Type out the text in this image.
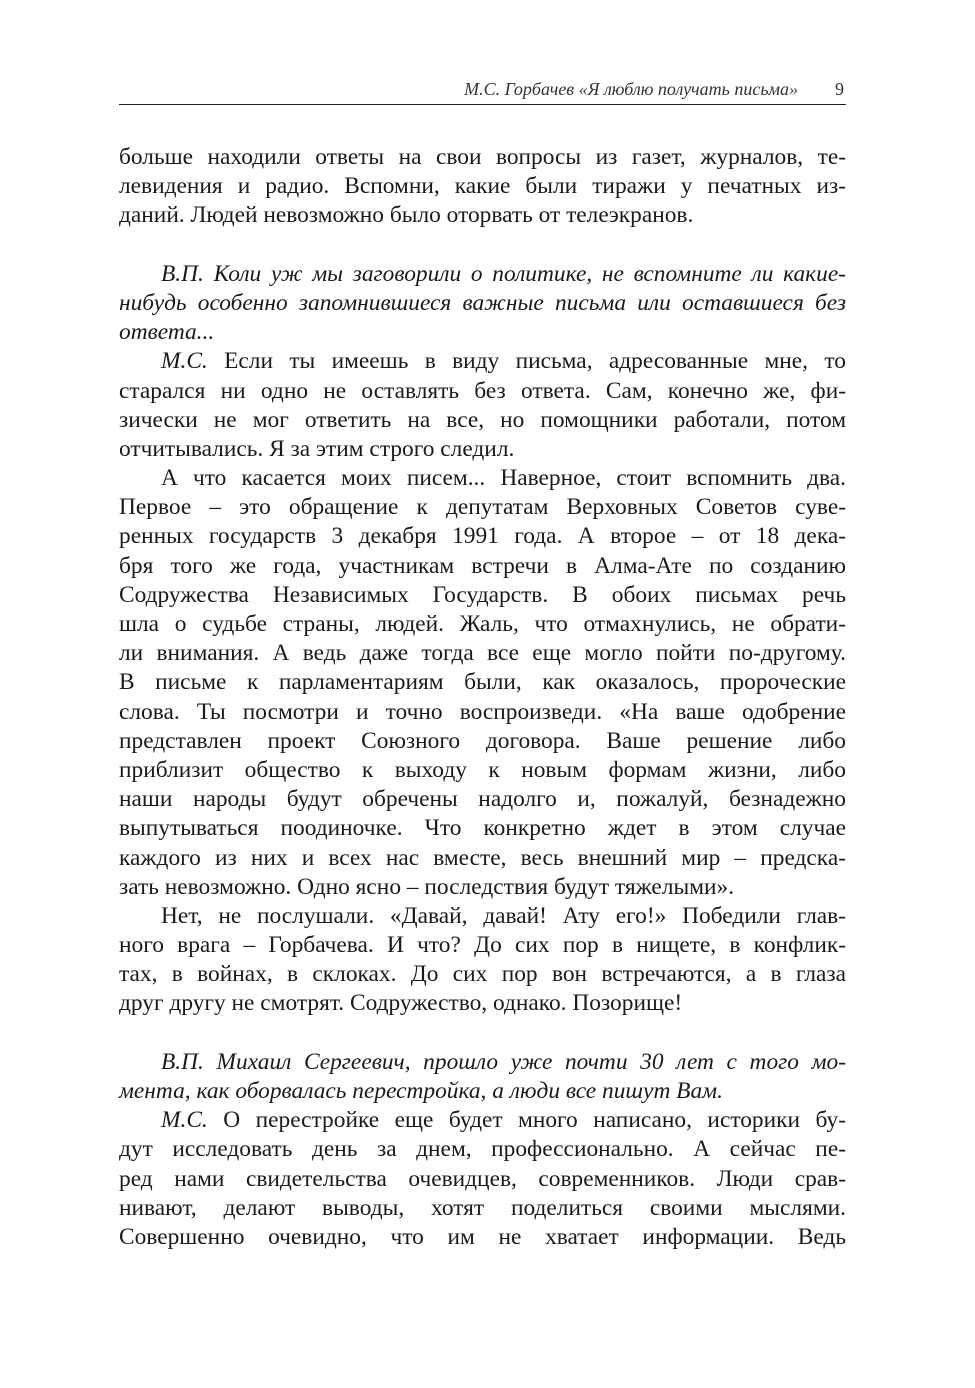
М.С. Горбачев «Я люблю получать письма» 9
больше находили ответы на свои вопросы из газет, журналов, те-
левидения и радио. Вспомни, какие были тиражи у печатных из-
даний. Людей невозможно было оторвать от телеэкранов.
В.П. Коли уж мы заговорили о политике, не вспомните ли какие-
нибудь особенно запомнившиеся важные письма или оставшиеся без
ответа...
М.С. Если ты имеешь в виду письма, адресованные мне, то
старался ни одно не оставлять без ответа. Сам, конечно же, фи-
зически не мог ответить на все, но помощники работали, потом
отчитывались. Я за этим строго следил.
А что касается моих писем... Наверное, стоит вспомнить два.
Первое – это обращение к депутатам Верховных Советов суве-
ренных государств 3 декабря 1991 года. А второе – от 18 дека-
бря того же года, участникам встречи в Алма-Ате по созданию
Содружества Независимых Государств. В обоих письмах речь
шла о судьбе страны, людей. Жаль, что отмахнулись, не обрати-
ли внимания. А ведь даже тогда все еще могло пойти по-другому.
В письме к парламентариям были, как оказалось, пророческие
слова. Ты посмотри и точно воспроизведи. «На ваше одобрение
представлен проект Союзного договора. Ваше решение либо
приблизит общество к выходу к новым формам жизни, либо
наши народы будут обречены надолго и, пожалуй, безнадежно
выпутываться поодиночке. Что конкретно ждет в этом случае
каждого из них и всех нас вместе, весь внешний мир – предска-
зать невозможно. Одно ясно – последствия будут тяжелыми».
Нет, не послушали. «Давай, давай! Ату его!» Победили глав-
ного врага – Горбачева. И что? До сих пор в нищете, в конфлик-
тах, в войнах, в склоках. До сих пор вон встречаются, а в глаза
друг другу не смотрят. Содружество, однако. Позорище!
В.П. Михаил Сергеевич, прошло уже почти 30 лет с того мо-
мента, как оборвалась перестройка, а люди все пишут Вам.
М.С. О перестройке еще будет много написано, историки бу-
дут исследовать день за днем, профессионально. А сейчас пе-
ред нами свидетельства очевидцев, современников. Люди срав-
нивают, делают выводы, хотят поделиться своими мыслями.
Совершенно очевидно, что им не хватает информации. Ведь
